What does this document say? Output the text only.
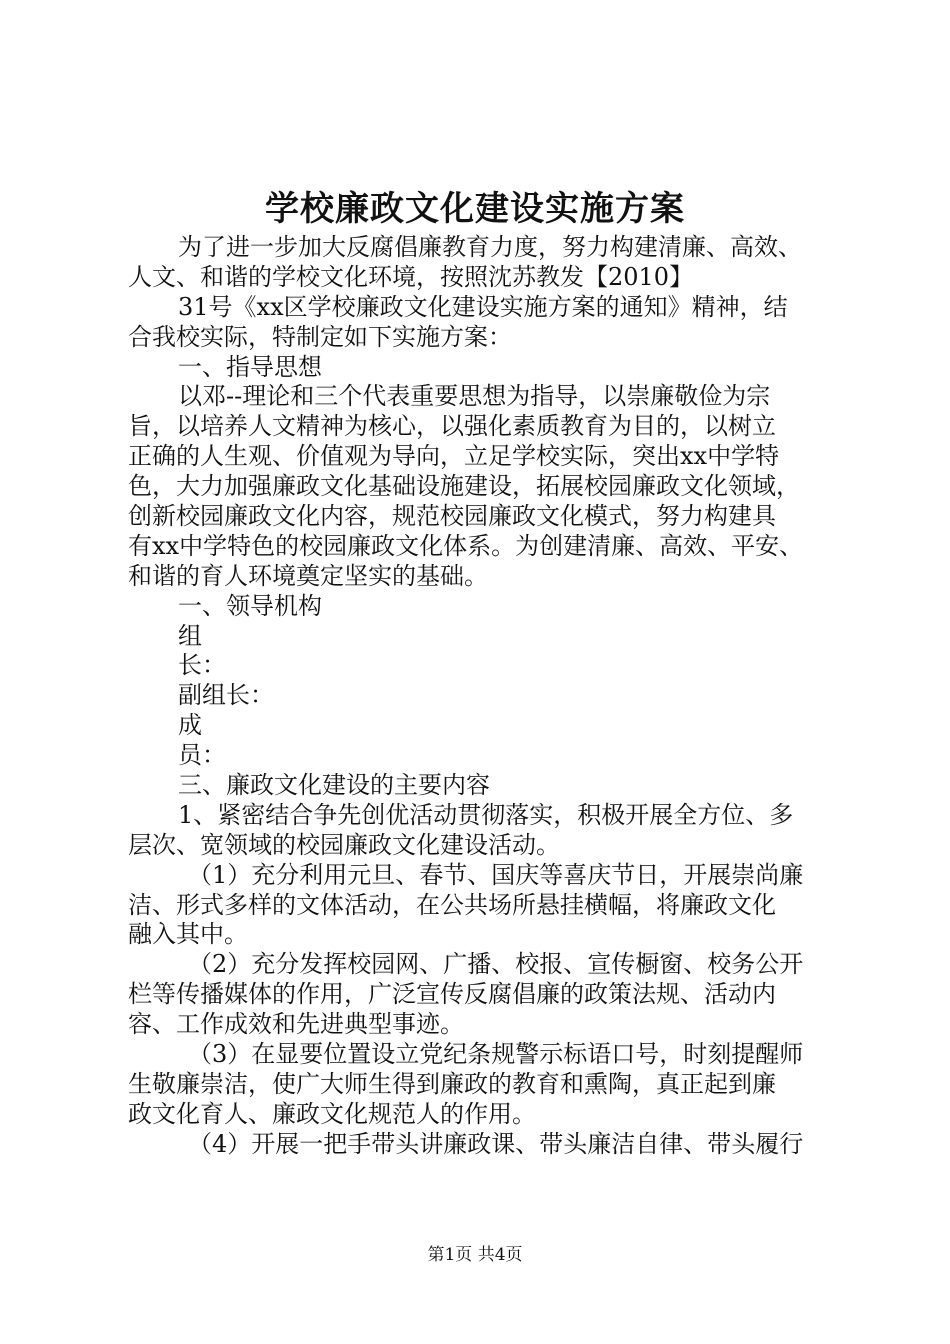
学校廉政文化建设实施方案
为了进一步加大反腐倡廉教育力度，努力构建清廉、高效、
人文、和谐的学校文化环境，按照沈苏教发【2010】
31号《xx区学校廉政文化建设实施方案的通知》精神，结
合我校实际，特制定如下实施方案：
一、指导思想
以邓--理论和三个代表重要思想为指导，以崇廉敬俭为宗
旨，以培养人文精神为核心，以强化素质教育为目的，以树立
正确的人生观、价值观为导向，立足学校实际，突出xx中学特
色，大力加强廉政文化基础设施建设，拓展校园廉政文化领域，
创新校园廉政文化内容，规范校园廉政文化模式，努力构建具
有xx中学特色的校园廉政文化体系。为创建清廉、高效、平安、
和谐的育人环境奠定坚实的基础。
一、领导机构
组
长：
副组长：
成
员：
三、廉政文化建设的主要内容
1、紧密结合争先创优活动贯彻落实，积极开展全方位、多
层次、宽领域的校园廉政文化建设活动。
（1）充分利用元旦、春节、国庆等喜庆节日，开展崇尚廉
洁、形式多样的文体活动，在公共场所悬挂横幅，将廉政文化
融入其中。
（2）充分发挥校园网、广播、校报、宣传橱窗、校务公开
栏等传播媒体的作用，广泛宣传反腐倡廉的政策法规、活动内
容、工作成效和先进典型事迹。
（3）在显要位置设立党纪条规警示标语口号，时刻提醒师
生敬廉崇洁，使广大师生得到廉政的教育和熏陶，真正起到廉
政文化育人、廉政文化规范人的作用。
（4）开展一把手带头讲廉政课、带头廉洁自律、带头履行
第1页 共4页
